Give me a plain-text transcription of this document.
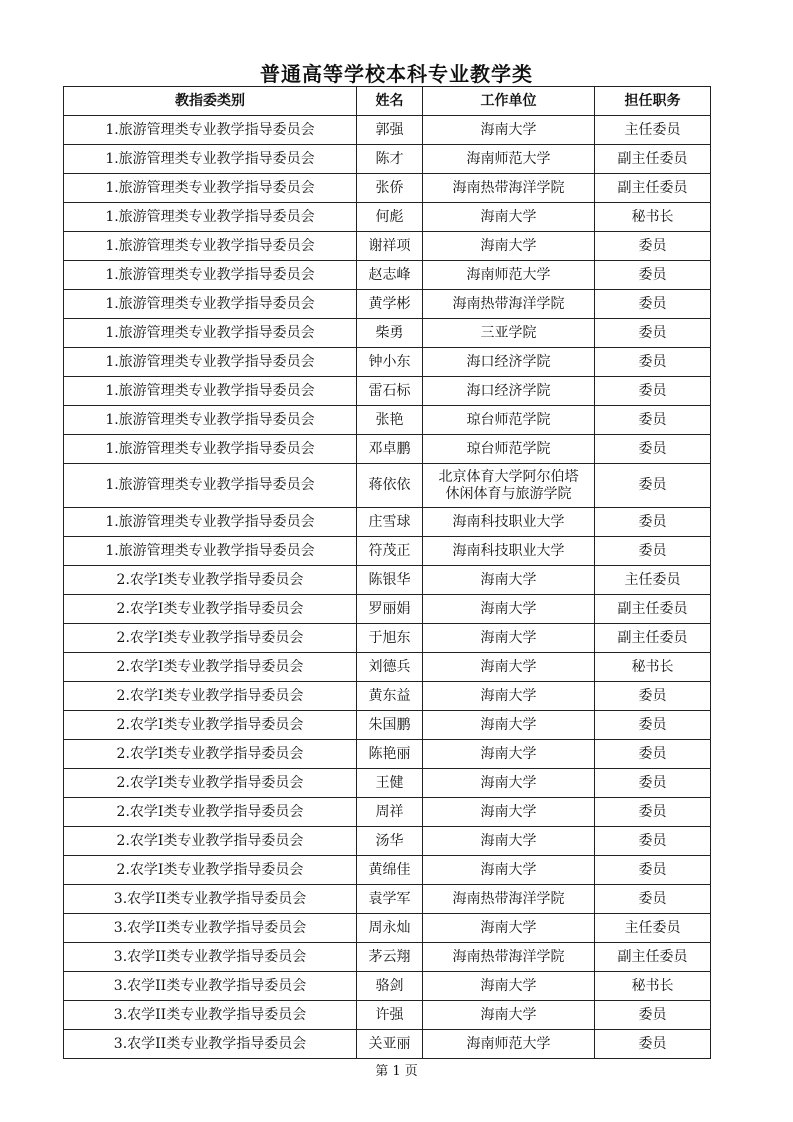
普通高等学校本科专业教学类
教指委类别	姓名	工作单位	担任职务
1.旅游管理类专业教学指导委员会	郭强	海南大学	主任委员
1.旅游管理类专业教学指导委员会	陈才	海南师范大学	副主任委员
1.旅游管理类专业教学指导委员会	张侨	海南热带海洋学院	副主任委员
1.旅游管理类专业教学指导委员会	何彪	海南大学	秘书长
1.旅游管理类专业教学指导委员会	谢祥项	海南大学	委员
1.旅游管理类专业教学指导委员会	赵志峰	海南师范大学	委员
1.旅游管理类专业教学指导委员会	黄学彬	海南热带海洋学院	委员
1.旅游管理类专业教学指导委员会	柴勇	三亚学院	委员
1.旅游管理类专业教学指导委员会	钟小东	海口经济学院	委员
1.旅游管理类专业教学指导委员会	雷石标	海口经济学院	委员
1.旅游管理类专业教学指导委员会	张艳	琼台师范学院	委员
1.旅游管理类专业教学指导委员会	邓卓鹏	琼台师范学院	委员
1.旅游管理类专业教学指导委员会	蒋依依	北京体育大学阿尔伯塔
休闲体育与旅游学院	委员
1.旅游管理类专业教学指导委员会	庄雪球	海南科技职业大学	委员
1.旅游管理类专业教学指导委员会	符茂正	海南科技职业大学	委员
2.农学I类专业教学指导委员会	陈银华	海南大学	主任委员
2.农学I类专业教学指导委员会	罗丽娟	海南大学	副主任委员
2.农学I类专业教学指导委员会	于旭东	海南大学	副主任委员
2.农学I类专业教学指导委员会	刘德兵	海南大学	秘书长
2.农学I类专业教学指导委员会	黄东益	海南大学	委员
2.农学I类专业教学指导委员会	朱国鹏	海南大学	委员
2.农学I类专业教学指导委员会	陈艳丽	海南大学	委员
2.农学I类专业教学指导委员会	王健	海南大学	委员
2.农学I类专业教学指导委员会	周祥	海南大学	委员
2.农学I类专业教学指导委员会	汤华	海南大学	委员
2.农学I类专业教学指导委员会	黄绵佳	海南大学	委员
3.农学II类专业教学指导委员会	袁学军	海南热带海洋学院	委员
3.农学II类专业教学指导委员会	周永灿	海南大学	主任委员
3.农学II类专业教学指导委员会	茅云翔	海南热带海洋学院	副主任委员
3.农学II类专业教学指导委员会	骆剑	海南大学	秘书长
3.农学II类专业教学指导委员会	许强	海南大学	委员
3.农学II类专业教学指导委员会	关亚丽	海南师范大学	委员
第 1 页
